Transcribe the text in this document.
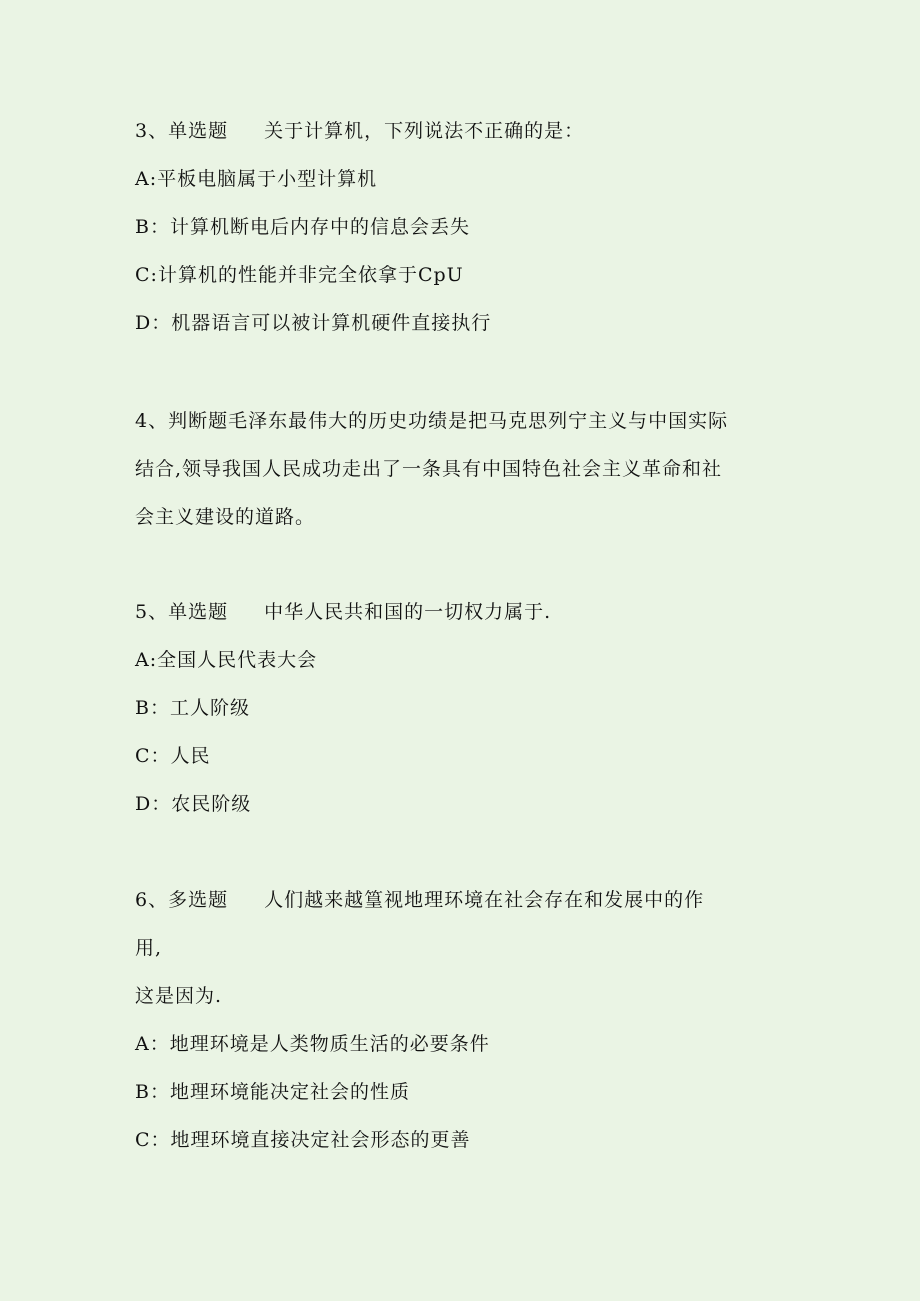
3、单选题 关于计算机，下列说法不正确的是：
A:平板电脑属于小型计算机
B：计算机断电后内存中的信息会丢失
C:计算机的性能并非完全依拿于CpU
D：机器语言可以被计算机硬件直接执行
4、判断题毛泽东最伟大的历史功绩是把马克思列宁主义与中国实际
结合,领导我国人民成功走出了一条具有中国特色社会主义革命和社
会主义建设的道路。
5、单选题 中华人民共和国的一切权力属于.
A:全国人民代表大会
B：工人阶级
C：人民
D：农民阶级
6、多选题 人们越来越篁视地理环境在社会存在和发展中的作
用,
这是因为.
A：地理环境是人类物质生活的必要条件
B：地理环境能决定社会的性质
C：地理环境直接决定社会形态的更善
